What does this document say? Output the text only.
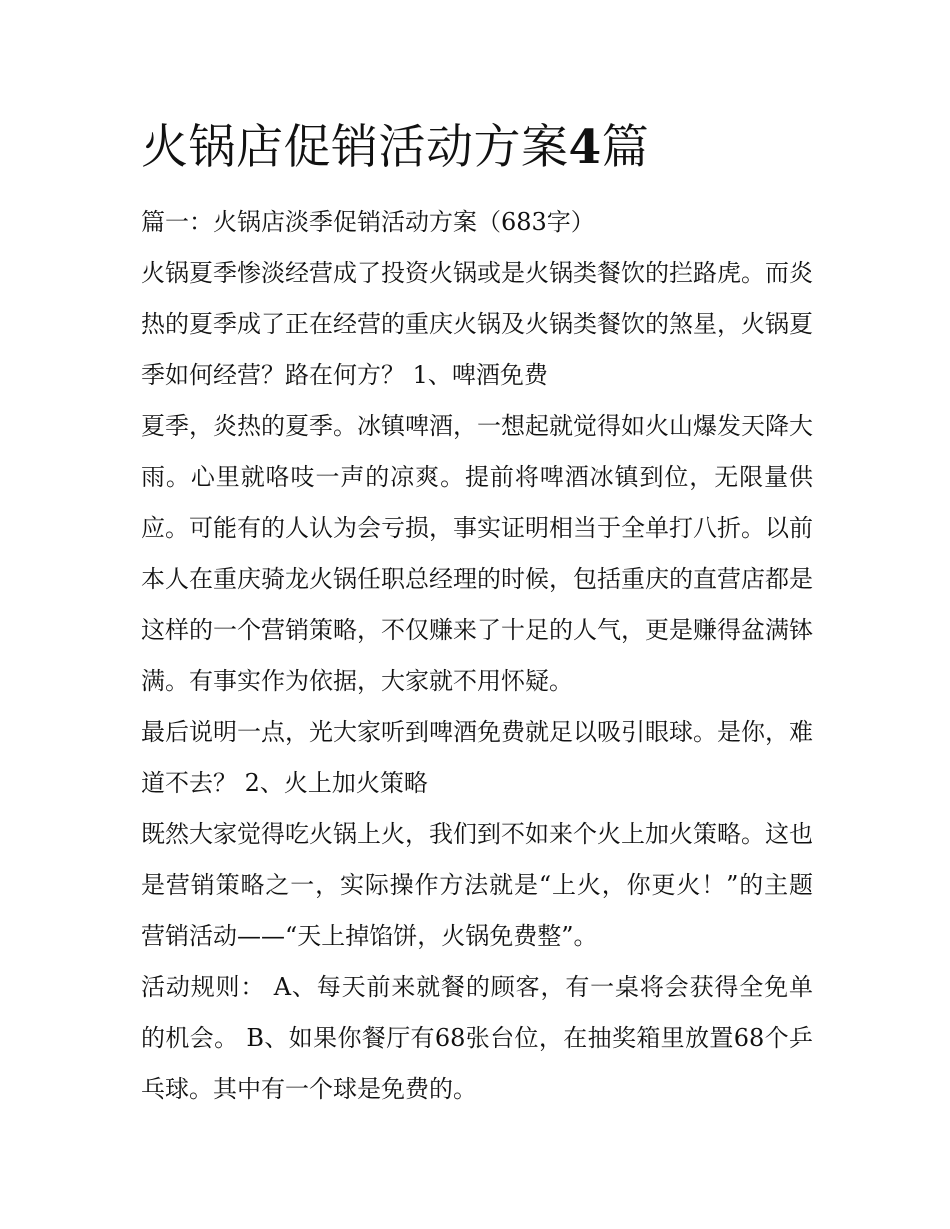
火锅店促销活动方案4篇

篇一：火锅店淡季促销活动方案（683字）

火锅夏季惨淡经营成了投资火锅或是火锅类餐饮的拦路虎。而炎热的夏季成了正在经营的重庆火锅及火锅类餐饮的煞星，火锅夏季如何经营？路在何方？ 1、啤酒免费

夏季，炎热的夏季。冰镇啤酒，一想起就觉得如火山爆发天降大雨。心里就咯吱一声的凉爽。提前将啤酒冰镇到位，无限量供应。可能有的人认为会亏损，事实证明相当于全单打八折。以前本人在重庆骑龙火锅任职总经理的时候，包括重庆的直营店都是这样的一个营销策略，不仅赚来了十足的人气，更是赚得盆满钵满。有事实作为依据，大家就不用怀疑。

最后说明一点，光大家听到啤酒免费就足以吸引眼球。是你，难道不去？ 2、火上加火策略

既然大家觉得吃火锅上火，我们到不如来个火上加火策略。这也是营销策略之一，实际操作方法就是“上火，你更火！”的主题营销活动——“天上掉馅饼，火锅免费整”。

活动规则： A、每天前来就餐的顾客，有一桌将会获得全免单的机会。 B、如果你餐厅有68张台位，在抽奖箱里放置68个乒乓球。其中有一个球是免费的。
